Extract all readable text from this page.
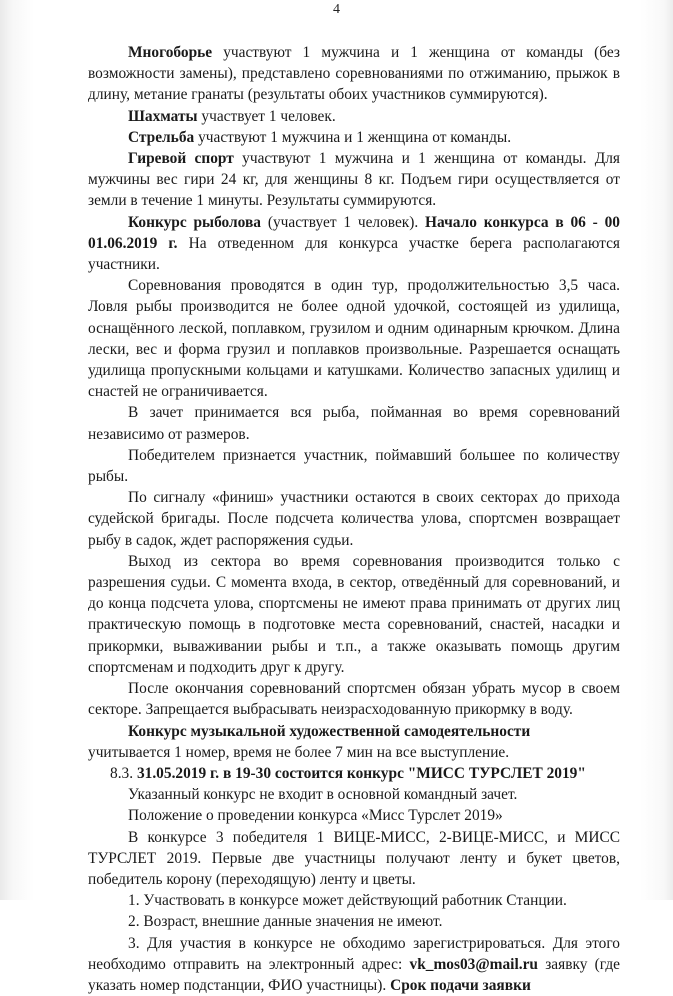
4

Многоборье участвуют 1 мужчина и 1 женщина от команды (без возможности замены), представлено соревнованиями по отжиманию, прыжок в длину, метание гранаты (результаты обоих участников суммируются).

Шахматы участвует 1 человек.

Стрельба участвуют 1 мужчина и 1 женщина от команды.

Гиревой спорт участвуют 1 мужчина и 1 женщина от команды. Для мужчины вес гири 24 кг, для женщины 8 кг. Подъем гири осуществляется от земли в течение 1 минуты. Результаты суммируются.

Конкурс рыболова (участвует 1 человек). Начало конкурса в 06 - 00 01.06.2019 г. На отведенном для конкурса участке берега располагаются участники.

Соревнования проводятся в один тур, продолжительностью 3,5 часа. Ловля рыбы производится не более одной удочкой, состоящей из удилища, оснащённого леской, поплавком, грузилом и одним одинарным крючком. Длина лески, вес и форма грузил и поплавков произвольные. Разрешается оснащать удилища пропускными кольцами и катушками. Количество запасных удилищ и снастей не ограничивается.

В зачет принимается вся рыба, пойманная во время соревнований независимо от размеров.

Победителем признается участник, поймавший большее по количеству рыбы.

По сигналу «финиш» участники остаются в своих секторах до прихода судейской бригады. После подсчета количества улова, спортсмен возвращает рыбу в садок, ждет распоряжения судьи.

Выход из сектора во время соревнования производится только с разрешения судьи. С момента входа, в сектор, отведённый для соревнований, и до конца подсчета улова, спортсмены не имеют права принимать от других лиц практическую помощь в подготовке места соревнований, снастей, насадки и прикормки, вываживании рыбы и т.п., а также оказывать помощь другим спортсменам и подходить друг к другу.

После окончания соревнований спортсмен обязан убрать мусор в своем секторе. Запрещается выбрасывать неизрасходованную прикормку в воду.

Конкурс музыкальной художественной самодеятельности

учитывается 1 номер, время не более 7 мин на все выступление.

8.3. 31.05.2019 г. в 19-30 состоится конкурс "МИСС ТУРСЛЕТ 2019"

Указанный конкурс не входит в основной командный зачет.

Положение о проведении конкурса «Мисс Турслет 2019»

В конкурсе 3 победителя 1 ВИЦЕ-МИСС, 2-ВИЦЕ-МИСС, и МИСС ТУРСЛЕТ 2019. Первые две участницы получают ленту и букет цветов, победитель корону (переходящую) ленту и цветы.

1. Участвовать в конкурсе может действующий работник Станции.

2. Возраст, внешние данные значения не имеют.

3. Для участия в конкурсе не обходимо зарегистрироваться. Для этого необходимо отправить на электронный адрес: vk_mos03@mail.ru заявку (где указать номер подстанции, ФИО участницы). Срок подачи заявки
